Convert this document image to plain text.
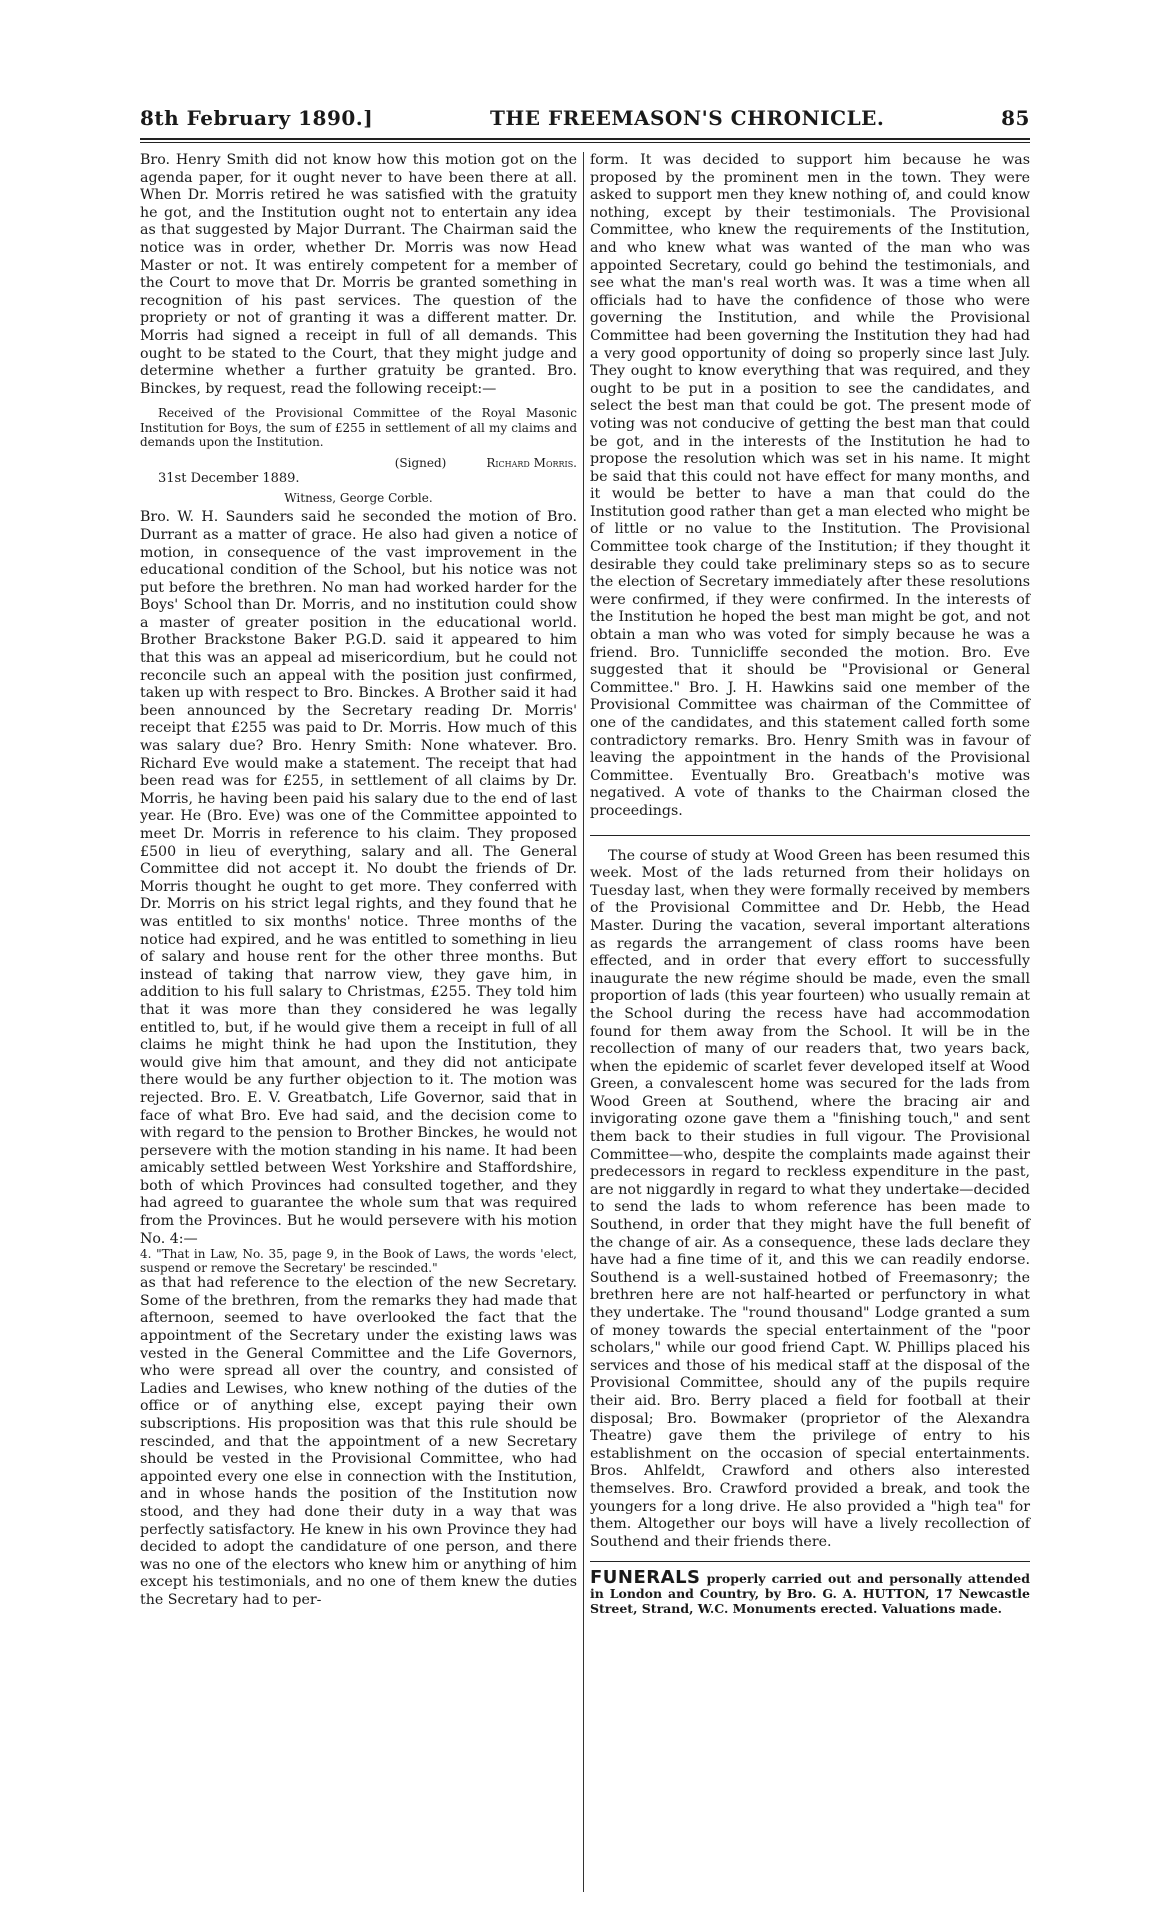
8th February 1890.]	THE FREEMASON'S CHRONICLE.	85

Bro. Henry Smith did not know how this motion got on the agenda paper, for it ought never to have been there at all. When Dr. Morris retired he was satisfied with the gratuity he got, and the Institution ought not to entertain any idea as that suggested by Major Durrant. The Chairman said the notice was in order, whether Dr. Morris was now Head Master or not. It was entirely competent for a member of the Court to move that Dr. Morris be granted something in recognition of his past services. The question of the propriety or not of granting it was a different matter. Dr. Morris had signed a receipt in full of all demands. This ought to be stated to the Court, that they might judge and determine whether a further gratuity be granted. Bro. Binckes, by request, read the following receipt:—

Received of the Provisional Committee of the Royal Masonic Institution for Boys, the sum of £255 in settlement of all my claims and demands upon the Institution.

(Signed)	Richard Morris.
31st December 1889.
Witness, George Corble.

Bro. W. H. Saunders said he seconded the motion of Bro. Durrant as a matter of grace. He also had given a notice of motion, in consequence of the vast improvement in the educational condition of the School, but his notice was not put before the brethren. No man had worked harder for the Boys' School than Dr. Morris, and no institution could show a master of greater position in the educational world. Brother Brackstone Baker P.G.D. said it appeared to him that this was an appeal ad misericordium, but he could not reconcile such an appeal with the position just confirmed, taken up with respect to Bro. Binckes. A Brother said it had been announced by the Secretary reading Dr. Morris' receipt that £255 was paid to Dr. Morris. How much of this was salary due? Bro. Henry Smith: None whatever. Bro. Richard Eve would make a statement. The receipt that had been read was for £255, in settlement of all claims by Dr. Morris, he having been paid his salary due to the end of last year. He (Bro. Eve) was one of the Committee appointed to meet Dr. Morris in reference to his claim. They proposed £500 in lieu of everything, salary and all. The General Committee did not accept it. No doubt the friends of Dr. Morris thought he ought to get more. They conferred with Dr. Morris on his strict legal rights, and they found that he was entitled to six months' notice. Three months of the notice had expired, and he was entitled to something in lieu of salary and house rent for the other three months. But instead of taking that narrow view, they gave him, in addition to his full salary to Christmas, £255. They told him that it was more than they considered he was legally entitled to, but, if he would give them a receipt in full of all claims he might think he had upon the Institution, they would give him that amount, and they did not anticipate there would be any further objection to it. The motion was rejected. Bro. E. V. Greatbatch, Life Governor, said that in face of what Bro. Eve had said, and the decision come to with regard to the pension to Brother Binckes, he would not persevere with the motion standing in his name. It had been amicably settled between West Yorkshire and Staffordshire, both of which Provinces had consulted together, and they had agreed to guarantee the whole sum that was required from the Provinces. But he would persevere with his motion No. 4:—

4. "That in Law, No. 35, page 9, in the Book of Laws, the words 'elect, suspend or remove the Secretary' be rescinded."

as that had reference to the election of the new Secretary. Some of the brethren, from the remarks they had made that afternoon, seemed to have overlooked the fact that the appointment of the Secretary under the existing laws was vested in the General Committee and the Life Governors, who were spread all over the country, and consisted of Ladies and Lewises, who knew nothing of the duties of the office or of anything else, except paying their own subscriptions. His proposition was that this rule should be rescinded, and that the appointment of a new Secretary should be vested in the Provisional Committee, who had appointed every one else in connection with the Institution, and in whose hands the position of the Institution now stood, and they had done their duty in a way that was perfectly satisfactory. He knew in his own Province they had decided to adopt the candidature of one person, and there was no one of the electors who knew him or anything of him except his testimonials, and no one of them knew the duties the Secretary had to per-

form. It was decided to support him because he was proposed by the prominent men in the town. They were asked to support men they knew nothing of, and could know nothing, except by their testimonials. The Provisional Committee, who knew the requirements of the Institution, and who knew what was wanted of the man who was appointed Secretary, could go behind the testimonials, and see what the man's real worth was. It was a time when all officials had to have the confidence of those who were governing the Institution, and while the Provisional Committee had been governing the Institution they had had a very good opportunity of doing so properly since last July. They ought to know everything that was required, and they ought to be put in a position to see the candidates, and select the best man that could be got. The present mode of voting was not conducive of getting the best man that could be got, and in the interests of the Institution he had to propose the resolution which was set in his name. It might be said that this could not have effect for many months, and it would be better to have a man that could do the Institution good rather than get a man elected who might be of little or no value to the Institution. The Provisional Committee took charge of the Institution; if they thought it desirable they could take preliminary steps so as to secure the election of Secretary immediately after these resolutions were confirmed, if they were confirmed. In the interests of the Institution he hoped the best man might be got, and not obtain a man who was voted for simply because he was a friend. Bro. Tunnicliffe seconded the motion. Bro. Eve suggested that it should be "Provisional or General Committee." Bro. J. H. Hawkins said one member of the Provisional Committee was chairman of the Committee of one of the candidates, and this statement called forth some contradictory remarks. Bro. Henry Smith was in favour of leaving the appointment in the hands of the Provisional Committee. Eventually Bro. Greatbach's motive was negatived. A vote of thanks to the Chairman closed the proceedings.

The course of study at Wood Green has been resumed this week. Most of the lads returned from their holidays on Tuesday last, when they were formally received by members of the Provisional Committee and Dr. Hebb, the Head Master. During the vacation, several important alterations as regards the arrangement of class rooms have been effected, and in order that every effort to successfully inaugurate the new régime should be made, even the small proportion of lads (this year fourteen) who usually remain at the School during the recess have had accommodation found for them away from the School. It will be in the recollection of many of our readers that, two years back, when the epidemic of scarlet fever developed itself at Wood Green, a convalescent home was secured for the lads from Wood Green at Southend, where the bracing air and invigorating ozone gave them a "finishing touch," and sent them back to their studies in full vigour. The Provisional Committee—who, despite the complaints made against their predecessors in regard to reckless expenditure in the past, are not niggardly in regard to what they undertake—decided to send the lads to whom reference has been made to Southend, in order that they might have the full benefit of the change of air. As a consequence, these lads declare they have had a fine time of it, and this we can readily endorse. Southend is a well-sustained hotbed of Freemasonry; the brethren here are not half-hearted or perfunctory in what they undertake. The "round thousand" Lodge granted a sum of money towards the special entertainment of the "poor scholars," while our good friend Capt. W. Phillips placed his services and those of his medical staff at the disposal of the Provisional Committee, should any of the pupils require their aid. Bro. Berry placed a field for football at their disposal; Bro. Bowmaker (proprietor of the Alexandra Theatre) gave them the privilege of entry to his establishment on the occasion of special entertainments. Bros. Ahlfeldt, Crawford and others also interested themselves. Bro. Crawford provided a break, and took the youngers for a long drive. He also provided a "high tea" for them. Altogether our boys will have a lively recollection of Southend and their friends there.

FUNERALS properly carried out and personally attended in London and Country, by Bro. G. A. HUTTON, 17 Newcastle Street, Strand, W.C. Monuments erected. Valuations made.
